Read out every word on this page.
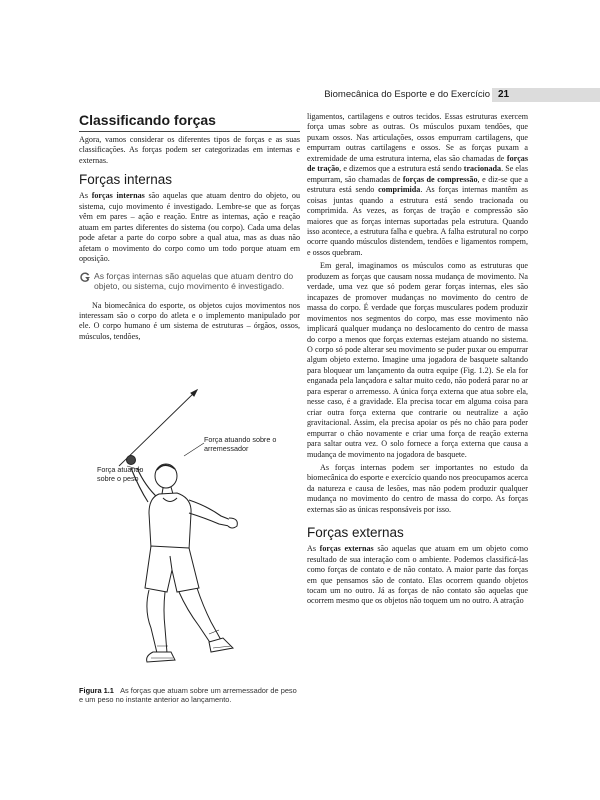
Biomecânica do Esporte e do Exercício 21
Classificando forças

Agora, vamos considerar os diferentes tipos de forças e as suas classificações. As forças podem ser categorizadas em internas e externas.

Forças internas

As forças internas são aquelas que atuam dentro do objeto, ou sistema, cujo movimento é investigado. Lembre-se que as forças vêm em pares – ação e reação. Entre as internas, ação e reação atuam em partes diferentes do sistema (ou corpo). Cada uma delas pode afetar a parte do corpo sobre a qual atua, mas as duas não afetam o movimento do corpo como um todo porque atuam em oposição.

As forças internas são aquelas que atuam dentro do objeto, ou sistema, cujo movimento é investigado.

Na biomecânica do esporte, os objetos cujos movimentos nos interessam são o corpo do atleta e o implemento manipulado por ele. O corpo humano é um sistema de estruturas – órgãos, ossos, músculos, tendões,

Força atuando sobre o arremessador
Força atuando sobre o peso
Figura 1.1 As forças que atuam sobre um arremessador de peso e um peso no instante anterior ao lançamento.

ligamentos, cartilagens e outros tecidos. Essas estruturas exercem força umas sobre as outras. Os músculos puxam tendões, que puxam ossos. Nas articulações, ossos empurram cartilagens, que empurram outras cartilagens e ossos. Se as forças puxam a extremidade de uma estrutura interna, elas são chamadas de forças de tração, e dizemos que a estrutura está sendo tracionada. Se elas empurram, são chamadas de forças de compressão, e diz-se que a estrutura está sendo comprimida. As forças internas mantêm as coisas juntas quando a estrutura está sendo tracionada ou comprimida. As vezes, as forças de tração e compressão são maiores que as forças internas suportadas pela estrutura. Quando isso acontece, a estrutura falha e quebra. A falha estrutural no corpo ocorre quando músculos distendem, tendões e ligamentos rompem, e ossos quebram.

Em geral, imaginamos os músculos como as estruturas que produzem as forças que causam nossa mudança de movimento. Na verdade, uma vez que só podem gerar forças internas, eles são incapazes de promover mudanças no movimento do centro de massa do corpo. É verdade que forças musculares podem produzir movimentos nos segmentos do corpo, mas esse movimento não implicará qualquer mudança no deslocamento do centro de massa do corpo a menos que forças externas estejam atuando no sistema. O corpo só pode alterar seu movimento se puder puxar ou empurrar algum objeto externo. Imagine uma jogadora de basquete saltando para bloquear um lançamento da outra equipe (Fig. 1.2). Se ela for enganada pela lançadora e saltar muito cedo, não poderá parar no ar para esperar o arremesso. A única força externa que atua sobre ela, nesse caso, é a gravidade. Ela precisa tocar em alguma coisa para criar outra força externa que contrarie ou neutralize a ação gravitacional. Assim, ela precisa apoiar os pés no chão para poder empurrar o chão novamente e criar uma força de reação externa para saltar outra vez. O solo fornece a força externa que causa a mudança de movimento na jogadora de basquete.

As forças internas podem ser importantes no estudo da biomecânica do esporte e exercício quando nos preocupamos acerca da natureza e causa de lesões, mas não podem produzir qualquer mudança no movimento do centro de massa do corpo. As forças externas são as únicas responsáveis por isso.

Forças externas

As forças externas são aquelas que atuam em um objeto como resultado de sua interação com o ambiente. Podemos classificá-las como forças de contato e de não contato. A maior parte das forças em que pensamos são de contato. Elas ocorrem quando objetos tocam um no outro. Já as forças de não contato são aquelas que ocorrem mesmo que os objetos não toquem um no outro. A atração
